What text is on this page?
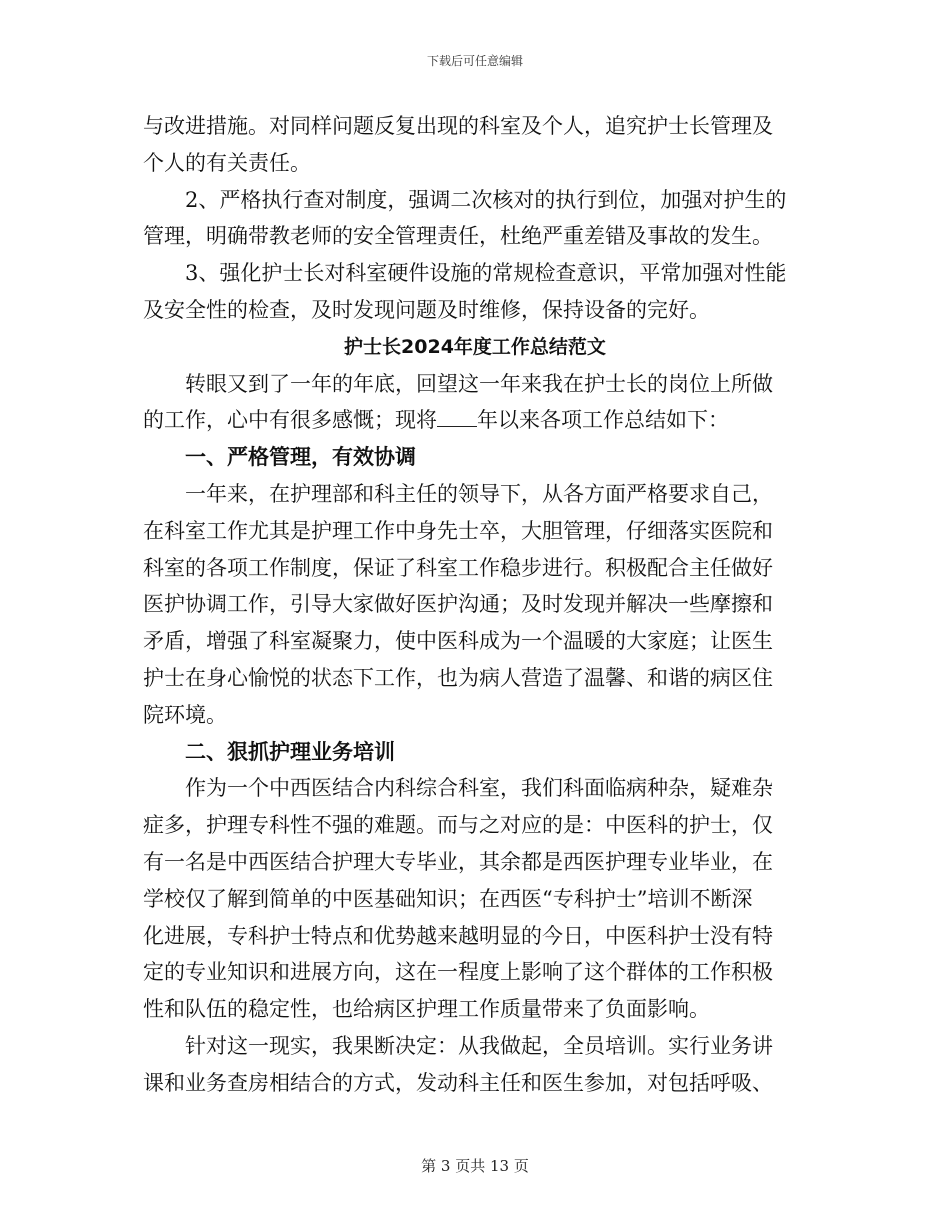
下载后可任意编辑

与改进措施。对同样问题反复出现的科室及个人，追究护士长管理及

个人的有关责任。

2、严格执行查对制度，强调二次核对的执行到位，加强对护生的

管理，明确带教老师的安全管理责任，杜绝严重差错及事故的发生。

3、强化护士长对科室硬件设施的常规检查意识，平常加强对性能

及安全性的检查，及时发现问题及时维修，保持设备的完好。

护士长2024年度工作总结范文

转眼又到了一年的年底，回望这一年来我在护士长的岗位上所做

的工作，心中有很多感慨；现将 年以来各项工作总结如下：

一、严格管理，有效协调

一年来，在护理部和科主任的领导下，从各方面严格要求自己，

在科室工作尤其是护理工作中身先士卒，大胆管理，仔细落实医院和

科室的各项工作制度，保证了科室工作稳步进行。积极配合主任做好

医护协调工作，引导大家做好医护沟通；及时发现并解决一些摩擦和

矛盾，增强了科室凝聚力，使中医科成为一个温暖的大家庭；让医生

护士在身心愉悦的状态下工作，也为病人营造了温馨、和谐的病区住

院环境。

二、狠抓护理业务培训

作为一个中西医结合内科综合科室，我们科面临病种杂，疑难杂

症多，护理专科性不强的难题。而与之对应的是：中医科的护士，仅

有一名是中西医结合护理大专毕业，其余都是西医护理专业毕业，在

学校仅了解到简单的中医基础知识；在西医“专科护士”培训不断深

化进展，专科护士特点和优势越来越明显的今日，中医科护士没有特

定的专业知识和进展方向，这在一程度上影响了这个群体的工作积极

性和队伍的稳定性，也给病区护理工作质量带来了负面影响。

针对这一现实，我果断决定：从我做起，全员培训。实行业务讲

课和业务查房相结合的方式，发动科主任和医生参加，对包括呼吸、

第 3 页共 13 页
